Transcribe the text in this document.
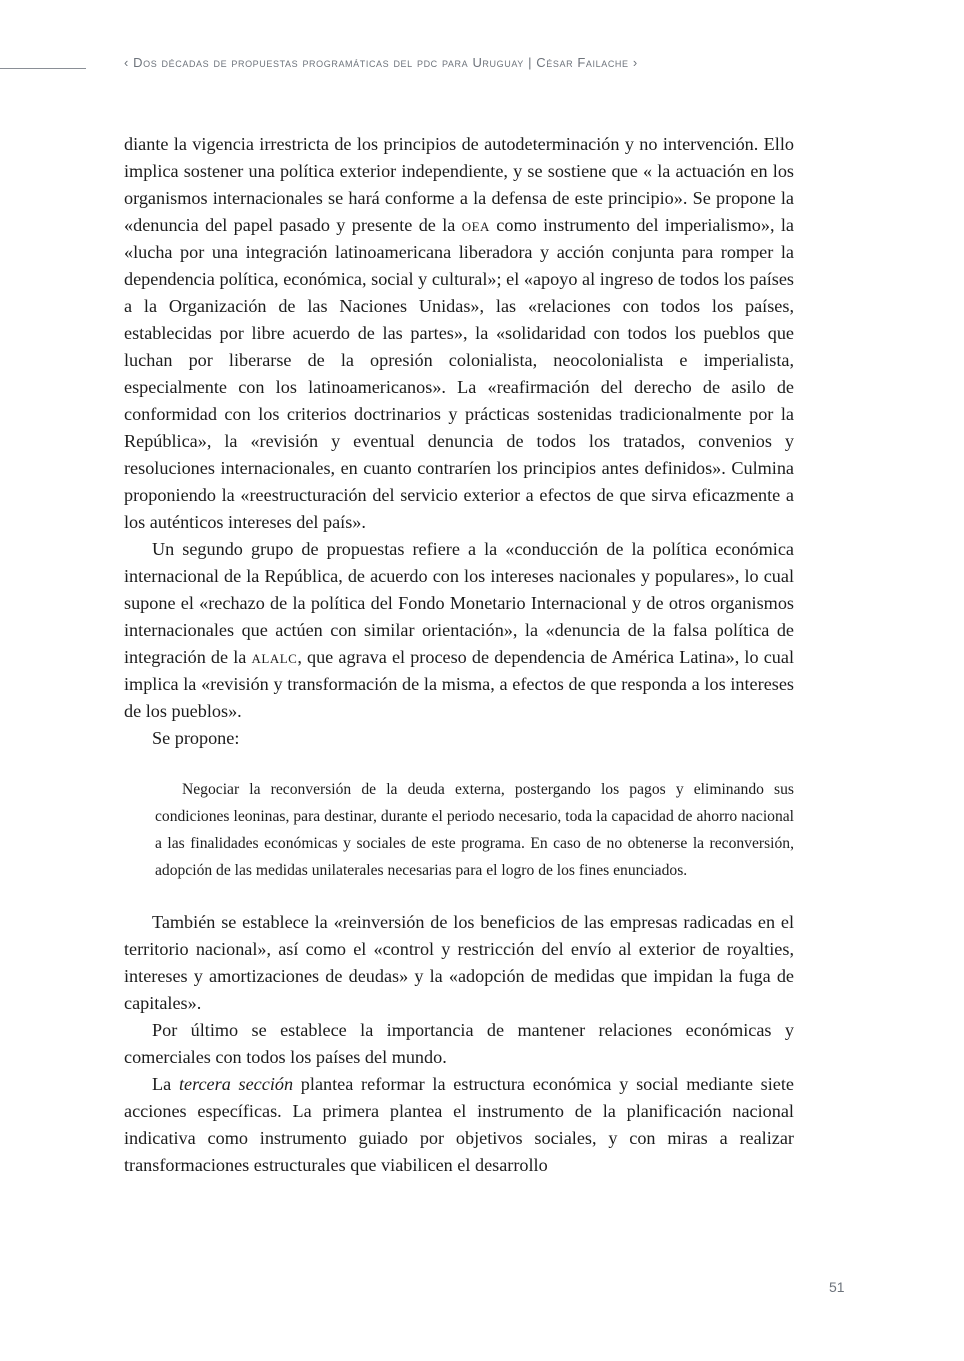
‹ Dos décadas de propuestas programáticas del pdc para Uruguay | César Failache ›

diante la vigencia irrestricta de los principios de autodeterminación y no intervención. Ello implica sostener una política exterior independiente, y se sostiene que « la actuación en los organismos internacionales se hará conforme a la defensa de este principio». Se propone la «denuncia del papel pasado y presente de la oea como instrumento del imperialismo», la «lucha por una integración latinoamericana liberadora y acción conjunta para romper la dependencia política, económica, social y cultural»; el «apoyo al ingreso de todos los países a la Organización de las Naciones Unidas», las «relaciones con todos los países, establecidas por libre acuerdo de las partes», la «solidaridad con todos los pueblos que luchan por liberarse de la opresión colonialista, neocolonialista e imperialista, especialmente con los latinoamericanos». La «reafirmación del derecho de asilo de conformidad con los criterios doctrinarios y prácticas sostenidas tradicionalmente por la República», la «revisión y eventual denuncia de todos los tratados, convenios y resoluciones internacionales, en cuanto contraríen los principios antes definidos». Culmina proponiendo la «reestructuración del servicio exterior a efectos de que sirva eficazmente a los auténticos intereses del país».

Un segundo grupo de propuestas refiere a la «conducción de la política económica internacional de la República, de acuerdo con los intereses nacionales y populares», lo cual supone el «rechazo de la política del Fondo Monetario Internacional y de otros organismos internacionales que actúen con similar orientación», la «denuncia de la falsa política de integración de la alalc, que agrava el proceso de dependencia de América Latina», lo cual implica la «revisión y transformación de la misma, a efectos de que responda a los intereses de los pueblos».

Se propone:

Negociar la reconversión de la deuda externa, postergando los pagos y eliminando sus condiciones leoninas, para destinar, durante el periodo necesario, toda la capacidad de ahorro nacional a las finalidades económicas y sociales de este programa. En caso de no obtenerse la reconversión, adopción de las medidas unilaterales necesarias para el logro de los fines enunciados.

También se establece la «reinversión de los beneficios de las empresas radicadas en el territorio nacional», así como el «control y restricción del envío al exterior de royalties, intereses y amortizaciones de deudas» y la «adopción de medidas que impidan la fuga de capitales».

Por último se establece la importancia de mantener relaciones económicas y comerciales con todos los países del mundo.

La tercera sección plantea reformar la estructura económica y social mediante siete acciones específicas. La primera plantea el instrumento de la planificación nacional indicativa como instrumento guiado por objetivos sociales, y con miras a realizar transformaciones estructurales que viabilicen el desarrollo

51
